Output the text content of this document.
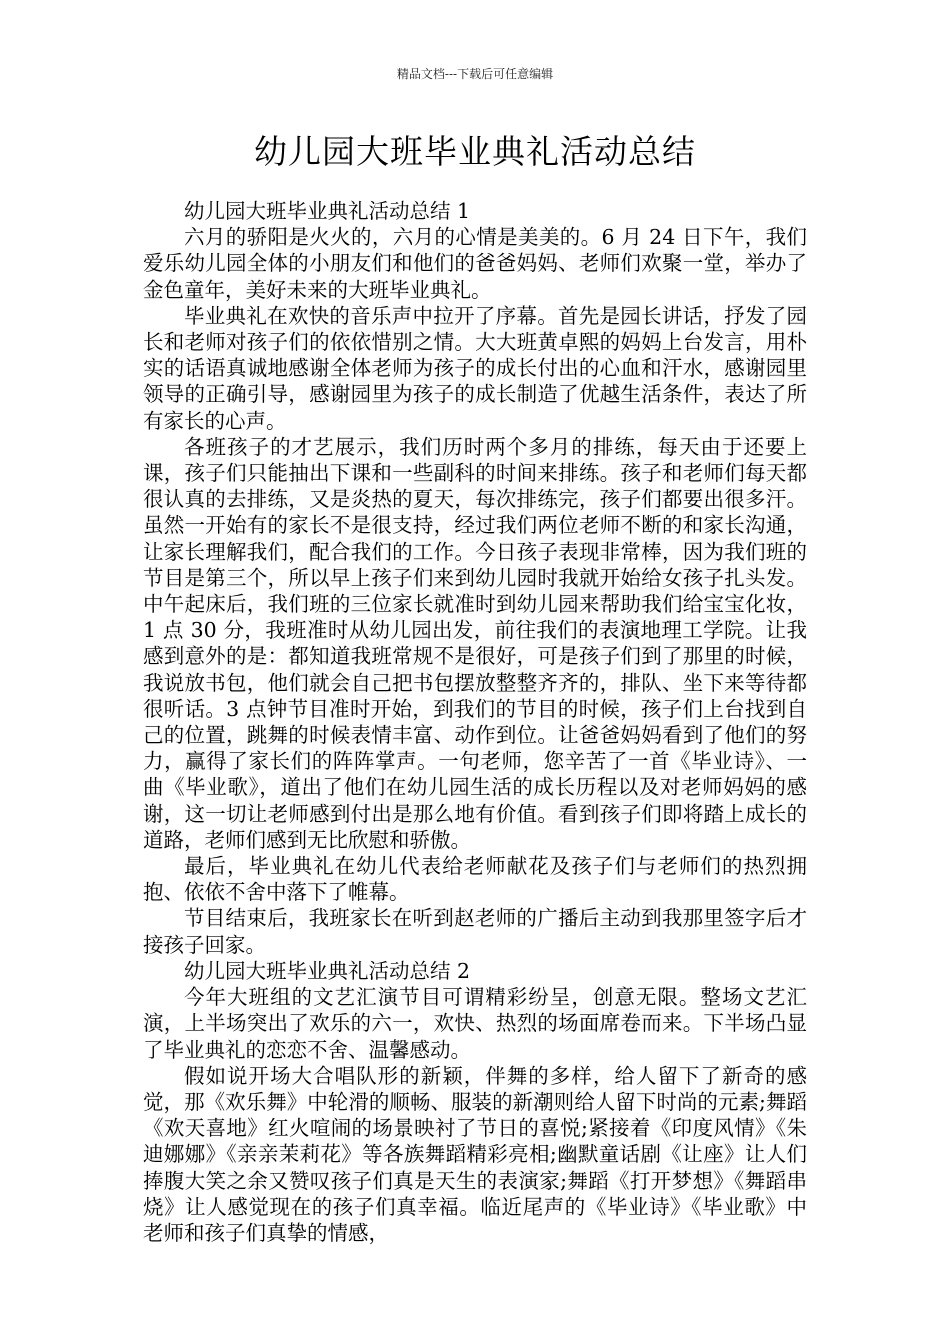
精品文档---下载后可任意编辑
幼儿园大班毕业典礼活动总结

幼儿园大班毕业典礼活动总结 1

六月的骄阳是火火的，六月的心情是美美的。6 月 24 日下午，我们爱乐幼儿园全体的小朋友们和他们的爸爸妈妈、老师们欢聚一堂，举办了金色童年，美好未来的大班毕业典礼。

毕业典礼在欢快的音乐声中拉开了序幕。首先是园长讲话，抒发了园长和老师对孩子们的依依惜别之情。大大班黄卓熙的妈妈上台发言，用朴实的话语真诚地感谢全体老师为孩子的成长付出的心血和汗水，感谢园里领导的正确引导，感谢园里为孩子的成长制造了优越生活条件，表达了所有家长的心声。

各班孩子的才艺展示，我们历时两个多月的排练，每天由于还要上课，孩子们只能抽出下课和一些副科的时间来排练。孩子和老师们每天都很认真的去排练，又是炎热的夏天，每次排练完，孩子们都要出很多汗。虽然一开始有的家长不是很支持，经过我们两位老师不断的和家长沟通，让家长理解我们，配合我们的工作。今日孩子表现非常棒，因为我们班的节目是第三个，所以早上孩子们来到幼儿园时我就开始给女孩子扎头发。中午起床后，我们班的三位家长就准时到幼儿园来帮助我们给宝宝化妆，1 点 30 分，我班准时从幼儿园出发，前往我们的表演地理工学院。让我感到意外的是：都知道我班常规不是很好，可是孩子们到了那里的时候，我说放书包，他们就会自己把书包摆放整整齐齐的，排队、坐下来等待都很听话。3 点钟节目准时开始，到我们的节目的时候，孩子们上台找到自己的位置，跳舞的时候表情丰富、动作到位。让爸爸妈妈看到了他们的努力，赢得了家长们的阵阵掌声。一句老师，您辛苦了一首《毕业诗》、一曲《毕业歌》，道出了他们在幼儿园生活的成长历程以及对老师妈妈的感谢，这一切让老师感到付出是那么地有价值。看到孩子们即将踏上成长的道路，老师们感到无比欣慰和骄傲。

最后，毕业典礼在幼儿代表给老师献花及孩子们与老师们的热烈拥抱、依依不舍中落下了帷幕。

节目结束后，我班家长在听到赵老师的广播后主动到我那里签字后才接孩子回家。

幼儿园大班毕业典礼活动总结 2

今年大班组的文艺汇演节目可谓精彩纷呈，创意无限。整场文艺汇演，上半场突出了欢乐的六一，欢快、热烈的场面席卷而来。下半场凸显了毕业典礼的恋恋不舍、温馨感动。

假如说开场大合唱队形的新颖，伴舞的多样，给人留下了新奇的感觉，那《欢乐舞》中轮滑的顺畅、服装的新潮则给人留下时尚的元素;舞蹈《欢天喜地》红火喧闹的场景映衬了节日的喜悦;紧接着《印度风情》《朱迪娜娜》《亲亲茉莉花》等各族舞蹈精彩亮相;幽默童话剧《让座》让人们捧腹大笑之余又赞叹孩子们真是天生的表演家;舞蹈《打开梦想》《舞蹈串烧》让人感觉现在的孩子们真幸福。临近尾声的《毕业诗》《毕业歌》中老师和孩子们真挚的情感，
